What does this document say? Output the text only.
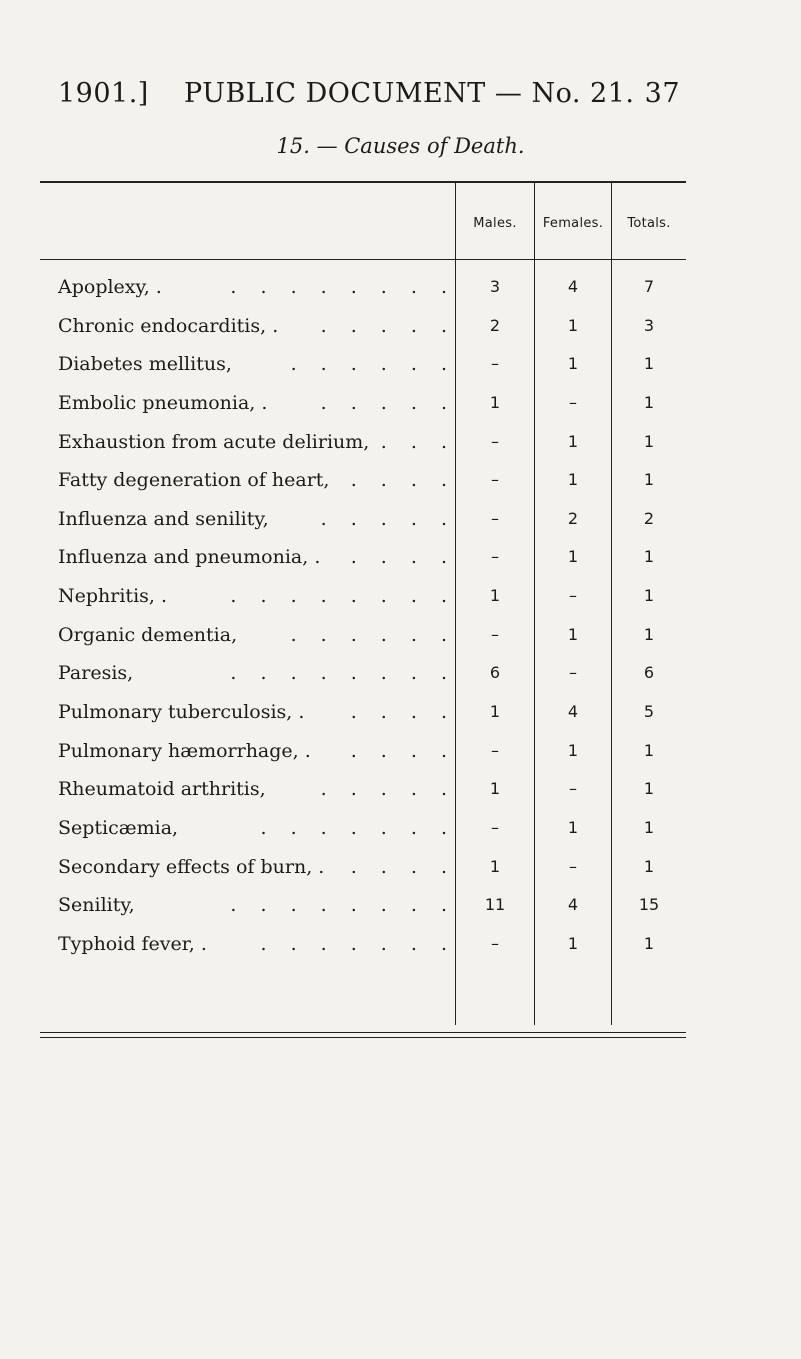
1901.] PUBLIC DOCUMENT — No. 21. 37
15. — Causes of Death.
Males.	Females.	Totals.
Apoplexy, .	. . . . . . . .	3	4	7
Chronic endocarditis, . . . . . .	2	1	3
Diabetes mellitus,	. . . . . .	–	1	1
Embolic pneumonia, .	. . . . .	1	–	1
Exhaustion from acute delirium, . . .	–	1	1
Fatty degeneration of heart, . . . .	–	1	1
Influenza and senility,	. . . . .	–	2	2
Influenza and pneumonia, . . . . .	–	1	1
Nephritis, .	. . . . . . . .	1	–	1
Organic dementia,	. . . . . .	–	1	1
Paresis,	. . . . . . . .	6	–	6
Pulmonary tuberculosis, . . . . .	1	4	5
Pulmonary hæmorrhage, . . . . .	–	1	1
Rheumatoid arthritis,	. . . . .	1	–	1
Septicæmia,	. . . . . . .	–	1	1
Secondary effects of burn, . . . . .	1	–	1
Senility,	. . . . . . . .	11	4	15
Typhoid fever, .	. . . . . . .	–	1	1
